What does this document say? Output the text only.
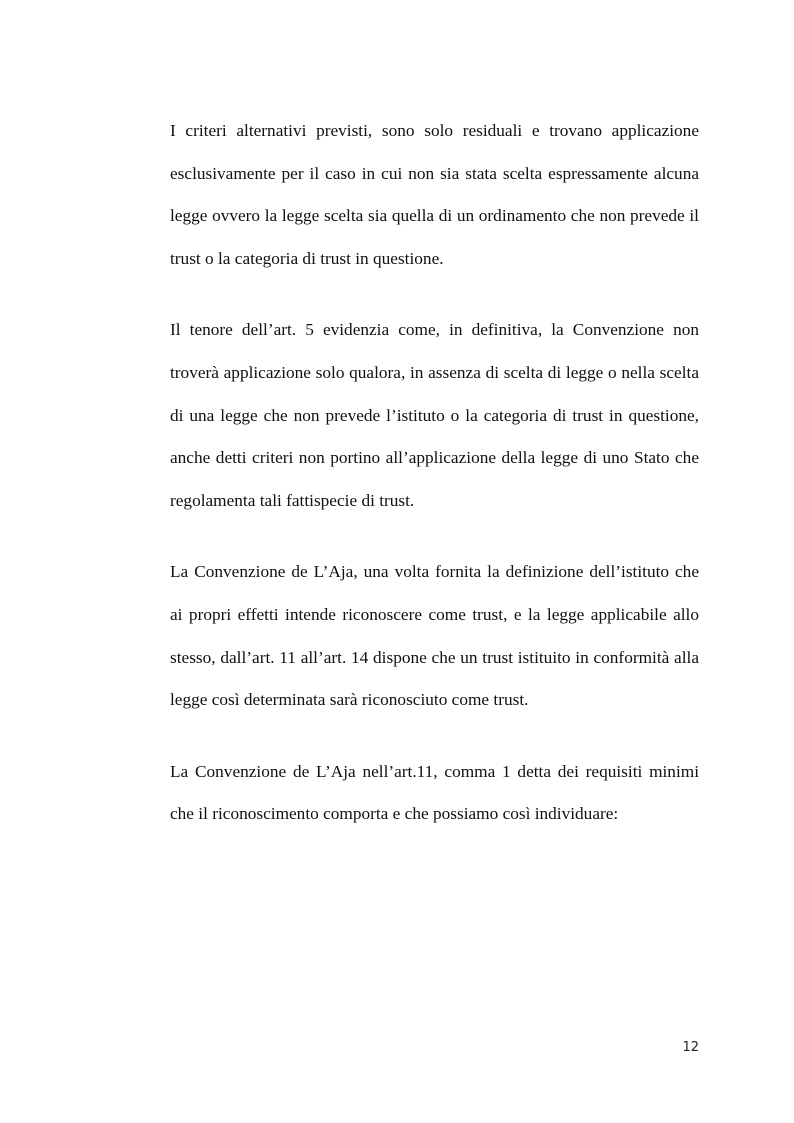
I criteri alternativi previsti, sono solo residuali e trovano applicazione esclusivamente per il caso in cui non sia stata scelta espressamente alcuna legge ovvero la legge scelta sia quella di un ordinamento che non prevede il trust o la categoria di trust in questione.

Il tenore dell’art. 5 evidenzia come, in definitiva, la Convenzione non troverà applicazione solo qualora, in assenza di scelta di legge o nella scelta di una legge che non prevede l’istituto o la categoria di trust in questione, anche detti criteri non portino all’applicazione della legge di uno Stato che regolamenta tali fattispecie di trust.

La Convenzione de L’Aja, una volta fornita la definizione dell’istituto che ai propri effetti intende riconoscere come trust, e la legge applicabile allo stesso, dall’art. 11 all’art. 14 dispone che un trust istituito in conformità alla legge così determinata sarà riconosciuto come trust.

La Convenzione de L’Aja nell’art.11, comma 1 detta dei requisiti minimi che il riconoscimento comporta e che possiamo così individuare:

12
